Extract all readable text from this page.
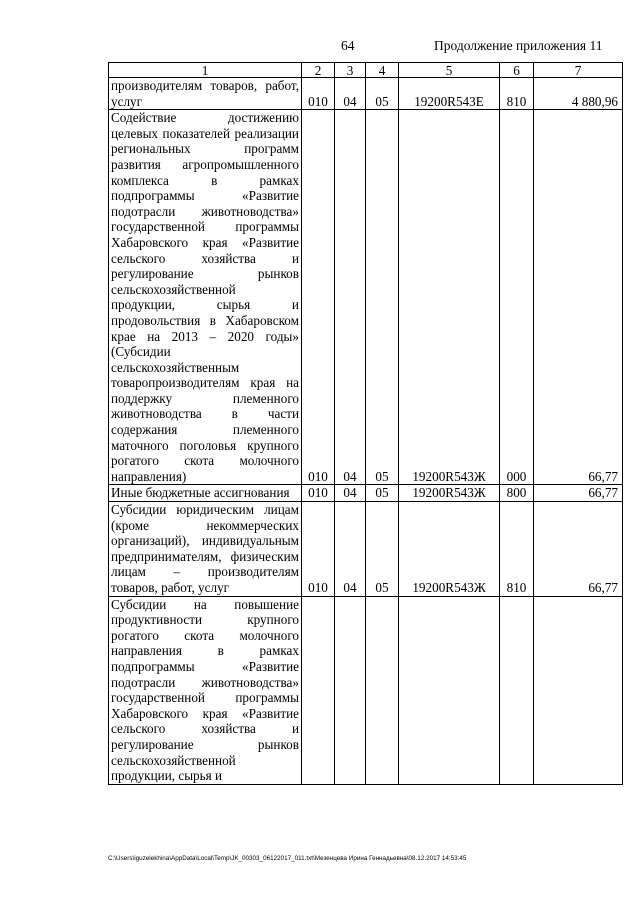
64	Продолжение приложения 11
1	2	3	4	5	6	7
производителям товаров, работ, услуг	010	04	05	19200R543Е	810	4 880,96
Содействие достижению целевых показателей реализации региональных программ развития агропромышленного комплекса в рамках подпрограммы «Развитие подотрасли животноводства» государственной программы Хабаровского края «Развитие сельского хозяйства и регулирование рынков сельскохозяйственной продукции, сырья и продовольствия в Хабаровском крае на 2013 – 2020 годы» (Субсидии сельскохозяйственным товаропроизводителям края на поддержку племенного животноводства в части содержания племенного маточного поголовья крупного рогатого скота молочного направления)	010	04	05	19200R543Ж	000	66,77
Иные бюджетные ассигнования	010	04	05	19200R543Ж	800	66,77
Субсидии юридическим лицам (кроме некоммерческих организаций), индивидуальным предпринимателям, физическим лицам – производителям товаров, работ, услуг	010	04	05	19200R543Ж	810	66,77
Субсидии на повышение продуктивности крупного рогатого скота молочного направления в рамках подпрограммы «Развитие подотрасли животноводства» государственной программы Хабаровского края «Развитие сельского хозяйства и регулирование рынков сельскохозяйственной продукции, сырья и						
C:\Users\iguzelekhina\AppData\Local\Temp\JK_00303_06122017_011.txt\Мезенцева Ирина Геннадьевна\08.12.2017 14:53:45
